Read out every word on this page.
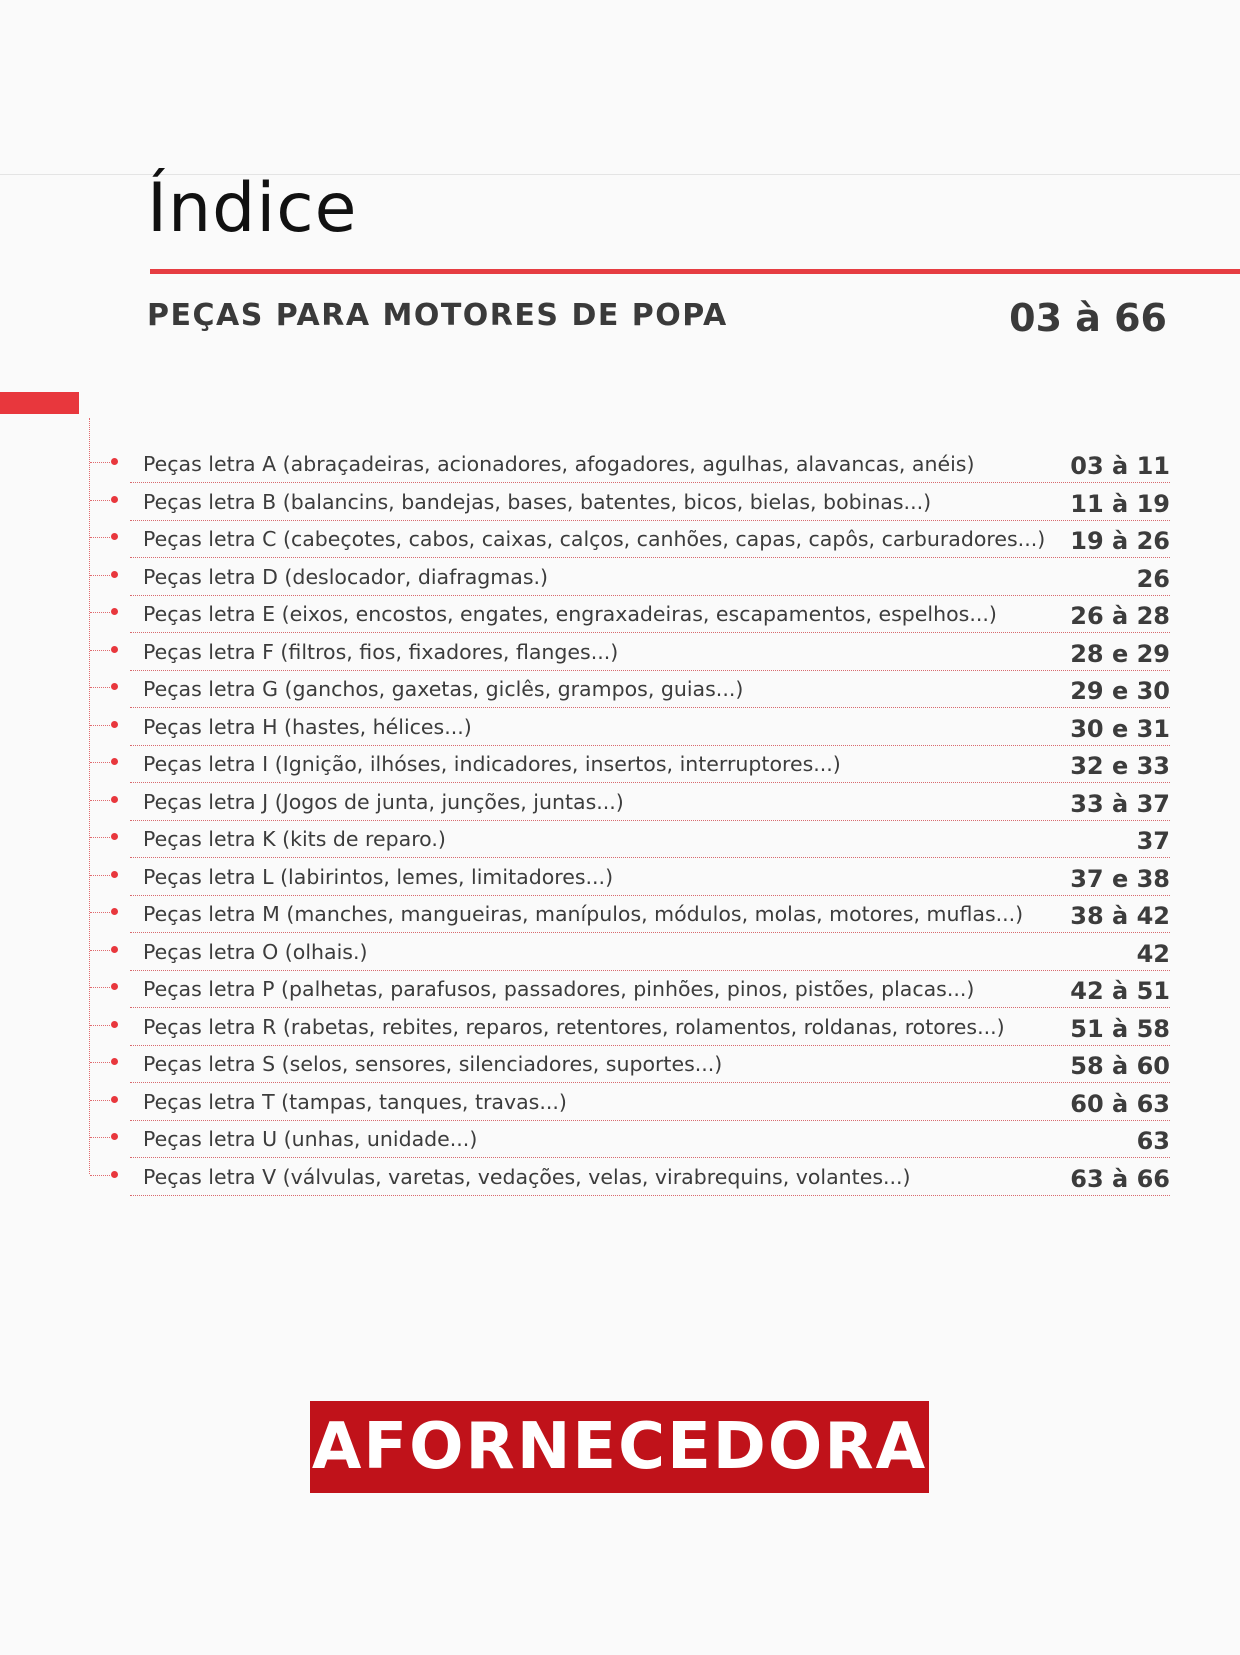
Índice
PEÇAS PARA MOTORES DE POPA	03 à 66
Peças letra A (abraçadeiras, acionadores, afogadores, agulhas, alavancas, anéis)	03 à 11
Peças letra B (balancins, bandejas, bases, batentes, bicos, bielas, bobinas...)	11 à 19
Peças letra C (cabeçotes, cabos, caixas, calços, canhões, capas, capôs, carburadores...) 19 à 26
Peças letra D (deslocador, diafragmas.)	26
Peças letra E (eixos, encostos, engates, engraxadeiras, escapamentos, espelhos...)	26 à 28
Peças letra F (filtros, fios, fixadores, flanges...)	28 e 29
Peças letra G (ganchos, gaxetas, giclês, grampos, guias...)	29 e 30
Peças letra H (hastes, hélices...)	30 e 31
Peças letra I (Ignição, ilhóses, indicadores, insertos, interruptores...)	32 e 33
Peças letra J (Jogos de junta, junções, juntas...)	33 à 37
Peças letra K (kits de reparo.)	37
Peças letra L (labirintos, lemes, limitadores...)	37 e 38
Peças letra M (manches, mangueiras, manípulos, módulos, molas, motores, muflas...) 38 à 42
Peças letra O (olhais.)	42
Peças letra P (palhetas, parafusos, passadores, pinhões, pinos, pistões, placas...)	42 à 51
Peças letra R (rabetas, rebites, reparos, retentores, rolamentos, roldanas, rotores...)	51 à 58
Peças letra S (selos, sensores, silenciadores, suportes...)	58 à 60
Peças letra T (tampas, tanques, travas...)	60 à 63
Peças letra U (unhas, unidade...)	63
Peças letra V (válvulas, varetas, vedações, velas, virabrequins, volantes...)	63 à 66
AFORNECEDORA
